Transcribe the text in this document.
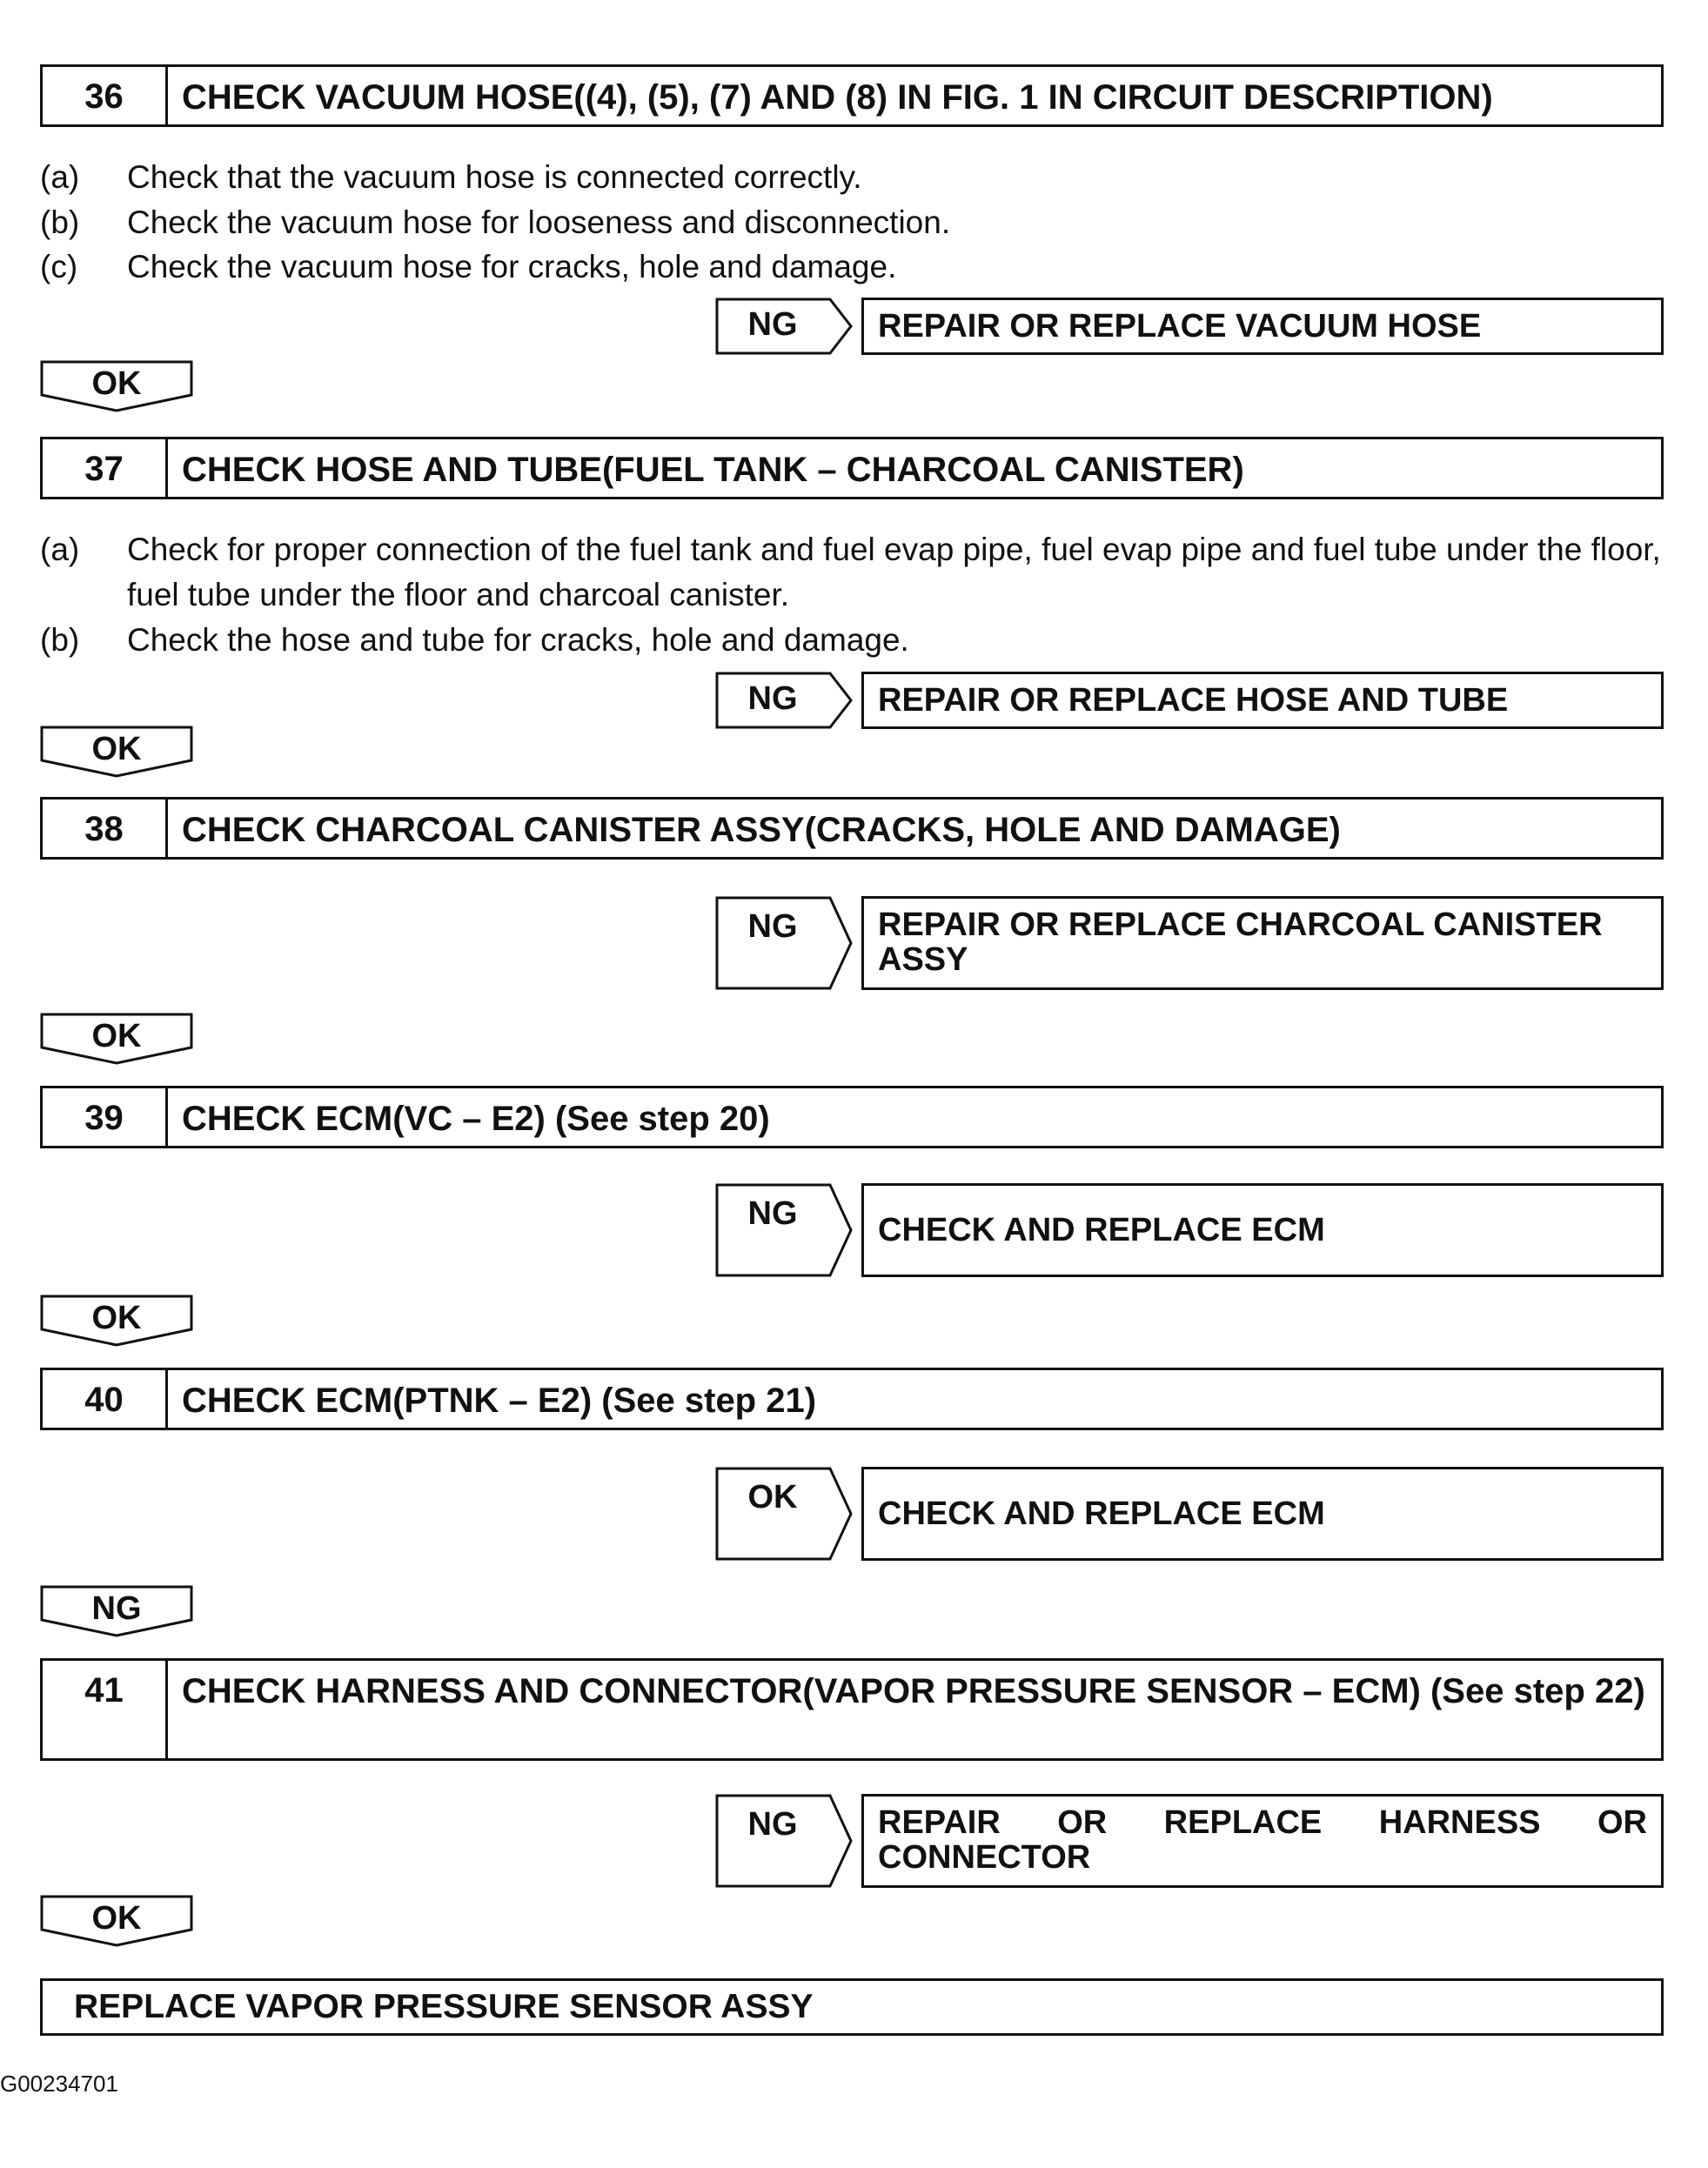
36	CHECK VACUUM HOSE((4), (5), (7) AND (8) IN FIG. 1 IN CIRCUIT DESCRIPTION)
(a) Check that the vacuum hose is connected correctly.
(b) Check the vacuum hose for looseness and disconnection.
(c) Check the vacuum hose for cracks, hole and damage.
NG	REPAIR OR REPLACE VACUUM HOSE
OK
37	CHECK HOSE AND TUBE(FUEL TANK – CHARCOAL CANISTER)
(a) Check for proper connection of the fuel tank and fuel evap pipe, fuel evap pipe and fuel tube under the floor, fuel tube under the floor and charcoal canister.
(b) Check the hose and tube for cracks, hole and damage.
NG	REPAIR OR REPLACE HOSE AND TUBE
OK
38	CHECK CHARCOAL CANISTER ASSY(CRACKS, HOLE AND DAMAGE)
NG	REPAIR OR REPLACE CHARCOAL CANISTER ASSY
OK
39	CHECK ECM(VC – E2) (See step 20)
NG	CHECK AND REPLACE ECM
OK
40	CHECK ECM(PTNK – E2) (See step 21)
OK	CHECK AND REPLACE ECM
NG
41	CHECK HARNESS AND CONNECTOR(VAPOR PRESSURE SENSOR – ECM) (See step 22)
NG	REPAIR OR REPLACE HARNESS OR CONNECTOR
OK
REPLACE VAPOR PRESSURE SENSOR ASSY
G00234701
